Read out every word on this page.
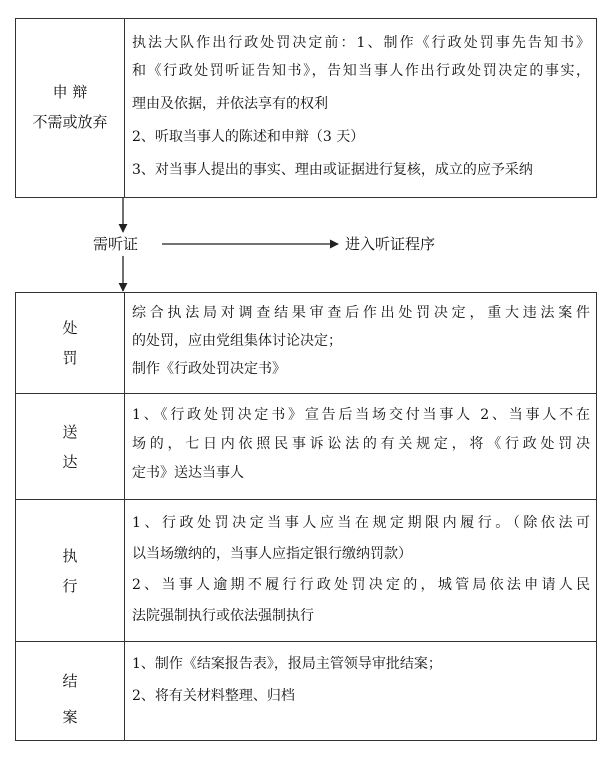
申 辩
不需或放弃
执法大队作出行政处罚决定前：1、制作《行政处罚事先告知书》
和《行政处罚听证告知书》，告知当事人作出行政处罚决定的事实，
理由及依据，并依法享有的权利
2、听取当事人的陈述和申辩（3 天）
3、对当事人提出的事实、理由或证据进行复核，成立的应予采纳
需听证	进入听证程序
处
罚
综合执法局对调查结果审查后作出处罚决定，重大违法案件
的处罚，应由党组集体讨论决定；
制作《行政处罚决定书》
送
达
1、《行政处罚决定书》宣告后当场交付当事人 2、当事人不在
场的，七日内依照民事诉讼法的有关规定，将《行政处罚决
定书》送达当事人
执
行
1、行政处罚决定当事人应当在规定期限内履行。（除依法可
以当场缴纳的，当事人应指定银行缴纳罚款）
2、当事人逾期不履行行政处罚决定的，城管局依法申请人民
法院强制执行或依法强制执行
结
案
1、制作《结案报告表》，报局主管领导审批结案；
2、将有关材料整理、归档
